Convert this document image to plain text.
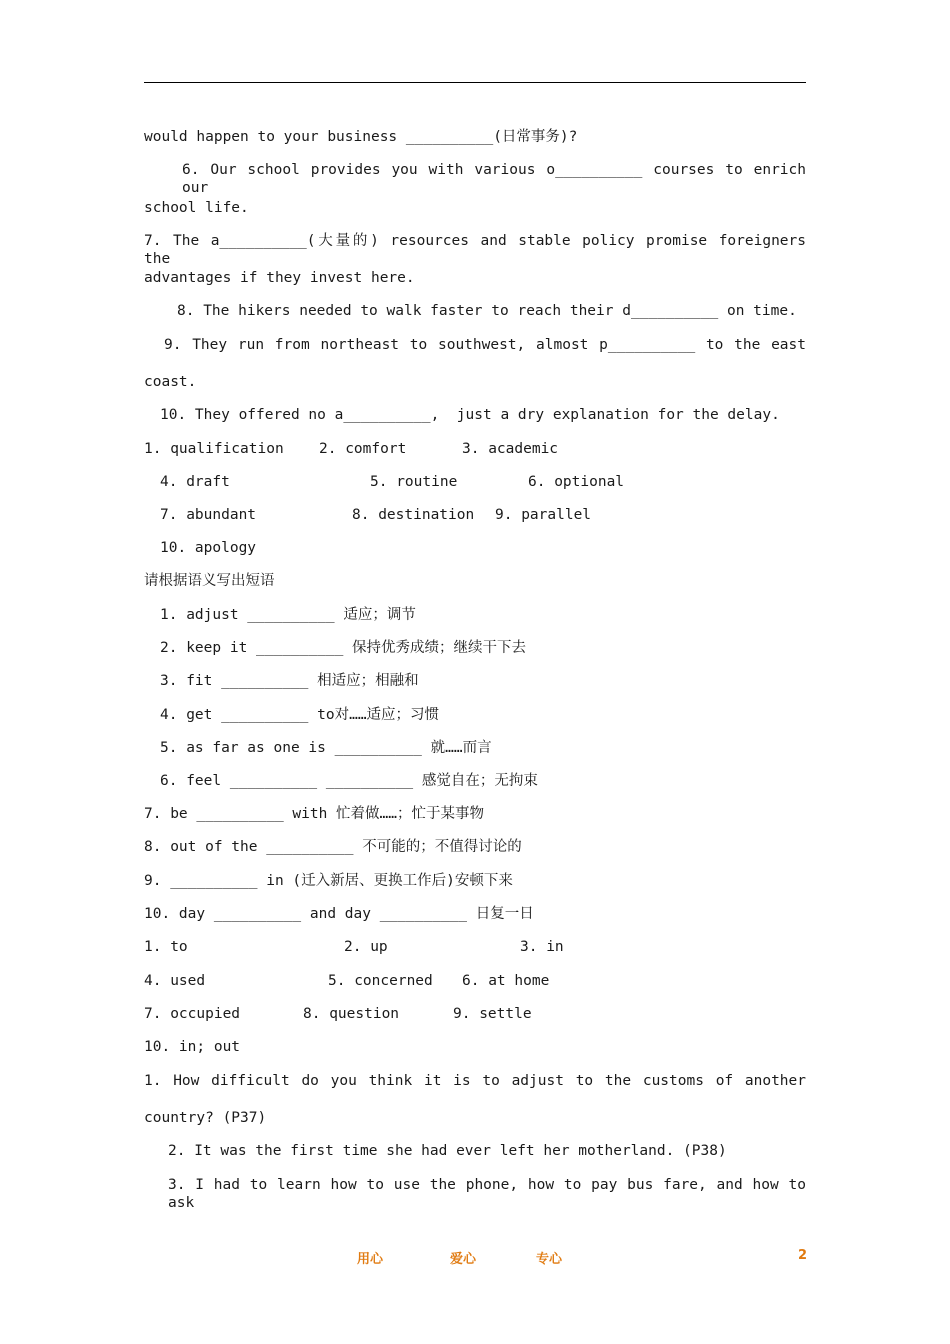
would happen to your business __________(日常事务)?
6. Our school provides you with various o__________ courses to enrich our
school life.
7. The a__________(大量的) resources and stable policy promise foreigners the
advantages if they invest here.
8. The hikers needed to walk faster to reach their d__________ on time.
9. They run from northeast to southwest, almost p__________ to the east
coast.
10. They offered no a__________,  just a dry explanation for the delay.
1. qualification 2. comfort	3. academic
4. draft	5. routine	6. optional
7. abundant	8. destination 9. parallel
10. apology
请根据语义写出短语
1. adjust __________ 适应；调节
2. keep it __________ 保持优秀成绩；继续干下去
3. fit __________ 相适应；相融和
4. get __________ to对……适应；习惯
5. as far as one is __________ 就……而言
6. feel __________ __________ 感觉自在；无拘束
7. be __________ with 忙着做……；忙于某事物
8. out of the __________ 不可能的；不值得讨论的
9. __________ in (迁入新居、更换工作后)安顿下来
10. day __________ and day __________ 日复一日
1. to	2. up	3. in
4. used	5. concerned 6. at home
7. occupied	8. question	9. settle
10. in; out
1. How difficult do you think it is to adjust to the customs of another
country? (P37)
2. It was the first time she had ever left her motherland. (P38)
3. I had to learn how to use the phone, how to pay bus fare, and how to ask
用心	爱心	专心	2
